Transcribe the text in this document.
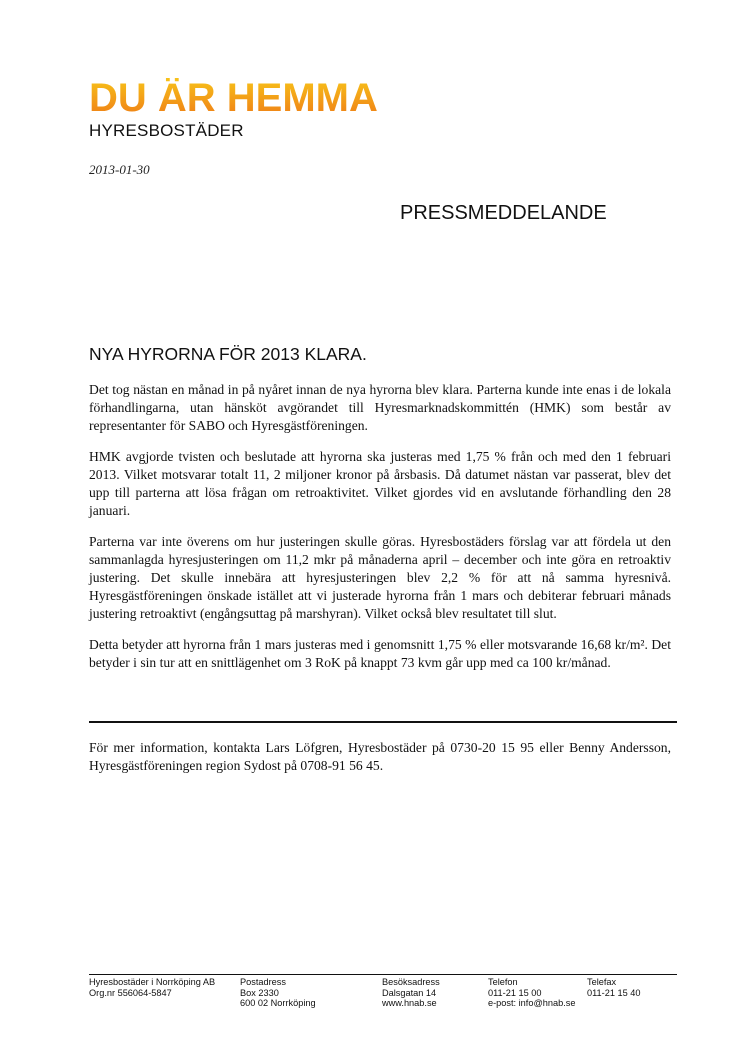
DU ÄR HEMMA
HYRESBOSTÄDER
2013-01-30
PRESSMEDDELANDE
NYA HYRORNA FÖR 2013 KLARA.

Det tog nästan en månad in på nyåret innan de nya hyrorna blev klara. Parterna kunde inte enas i de lokala förhandlingarna, utan hänsköt avgörandet till Hyresmarknadskommittén (HMK) som består av representanter för SABO och Hyresgästföreningen.

HMK avgjorde tvisten och beslutade att hyrorna ska justeras med 1,75 % från och med den 1 februari 2013. Vilket motsvarar totalt 11, 2 miljoner kronor på årsbasis. Då datumet nästan var passerat, blev det upp till parterna att lösa frågan om retroaktivitet. Vilket gjordes vid en avslutande förhandling den 28 januari.

Parterna var inte överens om hur justeringen skulle göras. Hyresbostäders förslag var att fördela ut den sammanlagda hyresjusteringen om 11,2 mkr på månaderna april – december och inte göra en retroaktiv justering. Det skulle innebära att hyresjusteringen blev 2,2 % för att nå samma hyresnivå. Hyresgästföreningen önskade istället att vi justerade hyrorna från 1 mars och debiterar februari månads justering retroaktivt (engångsuttag på marshyran). Vilket också blev resultatet till slut.

Detta betyder att hyrorna från 1 mars justeras med i genomsnitt 1,75 % eller motsvarande 16,68 kr/m². Det betyder i sin tur att en snittlägenhet om 3 RoK på knappt 73 kvm går upp med ca 100 kr/månad.

För mer information, kontakta Lars Löfgren, Hyresbostäder på 0730-20 15 95 eller Benny Andersson, Hyresgästföreningen region Sydost på 0708-91 56 45.
Hyresbostäder i Norrköping AB
Org.nr 556064-5847
Postadress
Box 2330
600 02 Norrköping
Besöksadress
Dalsgatan 14
www.hnab.se
Telefon
011-21 15 00
e-post: info@hnab.se
Telefax
011-21 15 40
